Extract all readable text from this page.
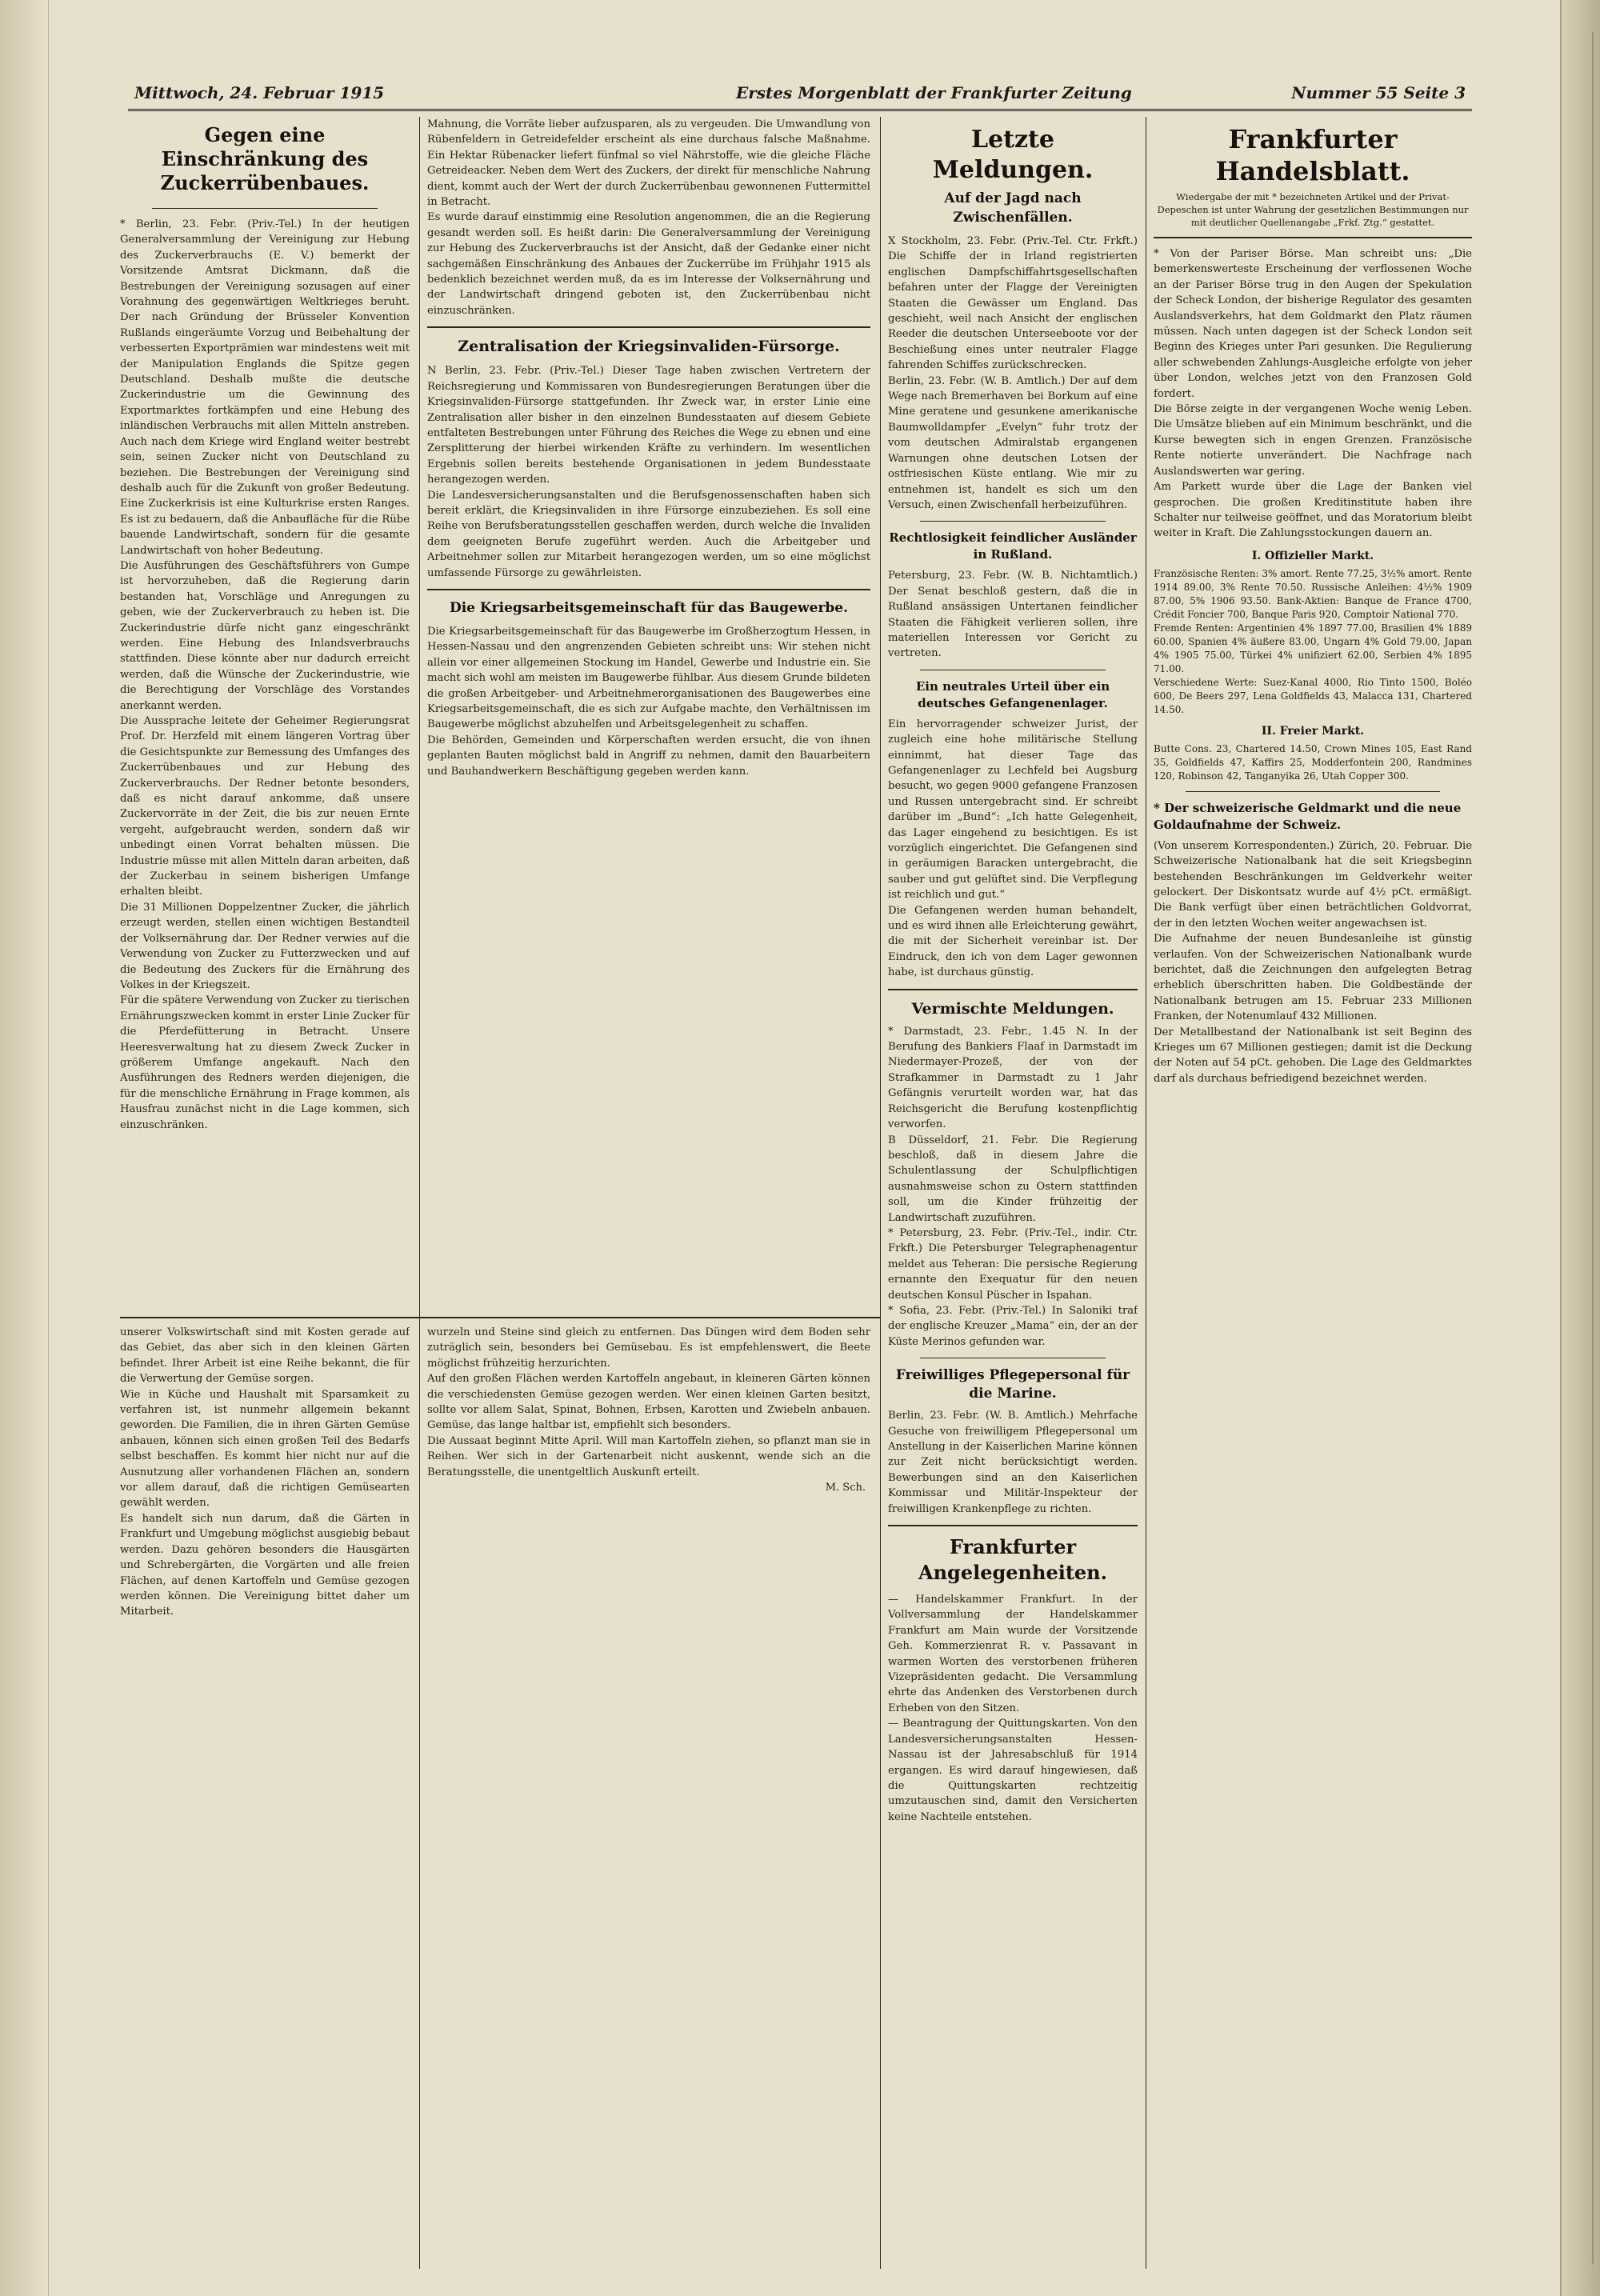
Mittwoch, 24. Februar 1915	Erstes Morgenblatt der Frankfurter Zeitung	Nummer 55 Seite 3
Gegen eine Einschränkung des Zuckerrübenbaues.

* Berlin, 23. Febr. (Priv.-Tel.) In der heutigen Generalversammlung der Vereinigung zur Hebung des Zuckerverbrauchs (E. V.) bemerkt der Vorsitzende Amtsrat Dickmann, daß die Bestrebungen der Vereinigung sozusagen auf einer Vorahnung des gegenwärtigen Weltkrieges beruht. Der nach Gründung der Brüsseler Konvention Rußlands eingeräumte Vorzug und Beibehaltung der verbesserten Exportprämien war mindestens weit mit der Manipulation Englands die Spitze gegen Deutschland. Deshalb mußte die deutsche Zuckerindustrie um die Gewinnung des Exportmarktes fortkämpfen und eine Hebung des inländischen Verbrauchs mit allen Mitteln anstreben. Auch nach dem Kriege wird England weiter bestrebt sein, seinen Zucker nicht von Deutschland zu beziehen. Die Bestrebungen der Vereinigung sind deshalb auch für die Zukunft von großer Bedeutung. Eine Zuckerkrisis ist eine Kulturkrise ersten Ranges. Es ist zu bedauern, daß die Anbaufläche für die Rübe bauende Landwirtschaft, sondern für die gesamte Landwirtschaft von hoher Bedeutung.

Die Ausführungen des Geschäftsführers von Gumpe ist hervorzuheben, daß die Regierung darin bestanden hat, Vorschläge und Anregungen zu geben, wie der Zuckerverbrauch zu heben ist. Die Zuckerindustrie dürfe nicht ganz eingeschränkt werden. Eine Hebung des Inlandsverbrauchs stattfinden. Diese könnte aber nur dadurch erreicht werden, daß die Wünsche der Zuckerindustrie, wie die Berechtigung der Vorschläge des Vorstandes anerkannt werden.

Die Aussprache leitete der Geheimer Regierungsrat Prof. Dr. Herzfeld mit einem längeren Vortrag über die Gesichtspunkte zur Bemessung des Umfanges des Zuckerrübenbaues und zur Hebung des Zuckerverbrauchs. Der Redner betonte besonders, daß es nicht darauf ankomme, daß unsere Zuckervorräte in der Zeit, die bis zur neuen Ernte vergeht, aufgebraucht werden, sondern daß wir unbedingt einen Vorrat behalten müssen. Die Industrie müsse mit allen Mitteln daran arbeiten, daß der Zuckerbau in seinem bisherigen Umfange erhalten bleibt.

Die 31 Millionen Doppelzentner Zucker, die jährlich erzeugt werden, stellen einen wichtigen Bestandteil der Volksernährung dar. Der Redner verwies auf die Verwendung von Zucker zu Futterzwecken und auf die Bedeutung des Zuckers für die Ernährung des Volkes in der Kriegszeit.

Für die spätere Verwendung von Zucker zu tierischen Ernährungszwecken kommt in erster Linie Zucker für die Pferdefütterung in Betracht. Unsere Heeresverwaltung hat zu diesem Zweck Zucker in größerem Umfange angekauft. Nach den Ausführungen des Redners werden diejenigen, die für die menschliche Ernährung in Frage kommen, als Hausfrau zunächst nicht in die Lage kommen, sich einzuschränken.

unserer Volkswirtschaft sind mit Kosten gerade auf das Gebiet, das aber sich in den kleinen Gärten befindet. Ihrer Arbeit ist eine Reihe bekannt, die für die Verwertung der Gemüse sorgen.

Wie in Küche und Haushalt mit Sparsamkeit zu verfahren ist, ist nunmehr allgemein bekannt geworden. Die Familien, die in ihren Gärten Gemüse anbauen, können sich einen großen Teil des Bedarfs selbst beschaffen. Es kommt hier nicht nur auf die Ausnutzung aller vorhandenen Flächen an, sondern vor allem darauf, daß die richtigen Gemüsearten gewählt werden.

Es handelt sich nun darum, daß die Gärten in Frankfurt und Umgebung möglichst ausgiebig bebaut werden. Dazu gehören besonders die Hausgärten und Schrebergärten, die Vorgärten und alle freien Flächen, auf denen Kartoffeln und Gemüse gezogen werden können. Die Vereinigung bittet daher um Mitarbeit.

Mahnung, die Vorräte lieber aufzusparen, als zu vergeuden. Die Umwandlung von Rübenfeldern in Getreidefelder erscheint als eine durchaus falsche Maßnahme. Ein Hektar Rübenacker liefert fünfmal so viel Nährstoffe, wie die gleiche Fläche Getreideacker. Neben dem Wert des Zuckers, der direkt für menschliche Nahrung dient, kommt auch der Wert der durch Zuckerrübenbau gewonnenen Futtermittel in Betracht.

Es wurde darauf einstimmig eine Resolution angenommen, die an die Regierung gesandt werden soll. Es heißt darin: Die Generalversammlung der Vereinigung zur Hebung des Zuckerverbrauchs ist der Ansicht, daß der Gedanke einer nicht sachgemäßen Einschränkung des Anbaues der Zuckerrübe im Frühjahr 1915 als bedenklich bezeichnet werden muß, da es im Interesse der Volksernährung und der Landwirtschaft dringend geboten ist, den Zuckerrübenbau nicht einzuschränken.

Zentralisation der Kriegsinvaliden-Fürsorge.

N Berlin, 23. Febr. (Priv.-Tel.) Dieser Tage haben zwischen Vertretern der Reichsregierung und Kommissaren von Bundesregierungen Beratungen über die Kriegsinvaliden-Fürsorge stattgefunden. Ihr Zweck war, in erster Linie eine Zentralisation aller bisher in den einzelnen Bundesstaaten auf diesem Gebiete entfalteten Bestrebungen unter Führung des Reiches die Wege zu ebnen und eine Zersplitterung der hierbei wirkenden Kräfte zu verhindern. Im wesentlichen Ergebnis sollen bereits bestehende Organisationen in jedem Bundesstaate herangezogen werden.

Die Landesversicherungsanstalten und die Berufsgenossenschaften haben sich bereit erklärt, die Kriegsinvaliden in ihre Fürsorge einzubeziehen. Es soll eine Reihe von Berufsberatungsstellen geschaffen werden, durch welche die Invaliden dem geeigneten Berufe zugeführt werden. Auch die Arbeitgeber und Arbeitnehmer sollen zur Mitarbeit herangezogen werden, um so eine möglichst umfassende Fürsorge zu gewährleisten.

Die Kriegsarbeitsgemeinschaft für das Baugewerbe.

Die Kriegsarbeitsgemeinschaft für das Baugewerbe im Großherzogtum Hessen, in Hessen-Nassau und den angrenzenden Gebieten schreibt uns: Wir stehen nicht allein vor einer allgemeinen Stockung im Handel, Gewerbe und Industrie ein. Sie macht sich wohl am meisten im Baugewerbe fühlbar. Aus diesem Grunde bildeten die großen Arbeitgeber- und Arbeitnehmerorganisationen des Baugewerbes eine Kriegsarbeitsgemeinschaft, die es sich zur Aufgabe machte, den Verhältnissen im Baugewerbe möglichst abzuhelfen und Arbeitsgelegenheit zu schaffen.

Die Behörden, Gemeinden und Körperschaften werden ersucht, die von ihnen geplanten Bauten möglichst bald in Angriff zu nehmen, damit den Bauarbeitern und Bauhandwerkern Beschäftigung gegeben werden kann.

wurzeln und Steine sind gleich zu entfernen. Das Düngen wird dem Boden sehr zuträglich sein, besonders bei Gemüsebau. Es ist empfehlenswert, die Beete möglichst frühzeitig herzurichten.

Auf den großen Flächen werden Kartoffeln angebaut, in kleineren Gärten können die verschiedensten Gemüse gezogen werden. Wer einen kleinen Garten besitzt, sollte vor allem Salat, Spinat, Bohnen, Erbsen, Karotten und Zwiebeln anbauen. Gemüse, das lange haltbar ist, empfiehlt sich besonders.

Die Aussaat beginnt Mitte April. Will man Kartoffeln ziehen, so pflanzt man sie in Reihen. Wer sich in der Gartenarbeit nicht auskennt, wende sich an die Beratungsstelle, die unentgeltlich Auskunft erteilt.

M. Sch.
Letzte Meldungen.
Auf der Jagd nach Zwischenfällen.

X Stockholm, 23. Febr. (Priv.-Tel. Ctr. Frkft.) Die Schiffe der in Irland registrierten englischen Dampfschiffahrtsgesellschaften befahren unter der Flagge der Vereinigten Staaten die Gewässer um England. Das geschieht, weil nach Ansicht der englischen Reeder die deutschen Unterseeboote vor der Beschießung eines unter neutraler Flagge fahrenden Schiffes zurückschrecken.

Berlin, 23. Febr. (W. B. Amtlich.) Der auf dem Wege nach Bremerhaven bei Borkum auf eine Mine geratene und gesunkene amerikanische Baumwolldampfer „Evelyn“ fuhr trotz der vom deutschen Admiralstab ergangenen Warnungen ohne deutschen Lotsen der ostfriesischen Küste entlang. Wie mir zu entnehmen ist, handelt es sich um den Versuch, einen Zwischenfall herbeizuführen.

Rechtlosigkeit feindlicher Ausländer in Rußland.

Petersburg, 23. Febr. (W. B. Nichtamtlich.) Der Senat beschloß gestern, daß die in Rußland ansässigen Untertanen feindlicher Staaten die Fähigkeit verlieren sollen, ihre materiellen Interessen vor Gericht zu vertreten.

Ein neutrales Urteil über ein deutsches Gefangenenlager.

Ein hervorragender schweizer Jurist, der zugleich eine hohe militärische Stellung einnimmt, hat dieser Tage das Gefangenenlager zu Lechfeld bei Augsburg besucht, wo gegen 9000 gefangene Franzosen und Russen untergebracht sind. Er schreibt darüber im „Bund“: „Ich hatte Gelegenheit, das Lager eingehend zu besichtigen. Es ist vorzüglich eingerichtet. Die Gefangenen sind in geräumigen Baracken untergebracht, die sauber und gut gelüftet sind. Die Verpflegung ist reichlich und gut.“

Die Gefangenen werden human behandelt, und es wird ihnen alle Erleichterung gewährt, die mit der Sicherheit vereinbar ist. Der Eindruck, den ich von dem Lager gewonnen habe, ist durchaus günstig.

Vermischte Meldungen.

* Darmstadt, 23. Febr., 1.45 N. In der Berufung des Bankiers Flaaf in Darmstadt im Niedermayer-Prozeß, der von der Strafkammer in Darmstadt zu 1 Jahr Gefängnis verurteilt worden war, hat das Reichsgericht die Berufung kostenpflichtig verworfen.

B Düsseldorf, 21. Febr. Die Regierung beschloß, daß in diesem Jahre die Schulentlassung der Schulpflichtigen ausnahmsweise schon zu Ostern stattfinden soll, um die Kinder frühzeitig der Landwirtschaft zuzuführen.

* Petersburg, 23. Febr. (Priv.-Tel., indir. Ctr. Frkft.) Die Petersburger Telegraphenagentur meldet aus Teheran: Die persische Regierung ernannte den Exequatur für den neuen deutschen Konsul Püscher in Ispahan.

* Sofia, 23. Febr. (Priv.-Tel.) In Saloniki traf der englische Kreuzer „Mama“ ein, der an der Küste Merinos gefunden war.

Freiwilliges Pflegepersonal für die Marine.

Berlin, 23. Febr. (W. B. Amtlich.) Mehrfache Gesuche von freiwilligem Pflegepersonal um Anstellung in der Kaiserlichen Marine können zur Zeit nicht berücksichtigt werden. Bewerbungen sind an den Kaiserlichen Kommissar und Militär-Inspekteur der freiwilligen Krankenpflege zu richten.

Frankfurter Angelegenheiten.

— Handelskammer Frankfurt. In der Vollversammlung der Handelskammer Frankfurt am Main wurde der Vorsitzende Geh. Kommerzienrat R. v. Passavant in warmen Worten des verstorbenen früheren Vizepräsidenten gedacht. Die Versammlung ehrte das Andenken des Verstorbenen durch Erheben von den Sitzen.

— Beantragung der Quittungskarten. Von den Landesversicherungsanstalten Hessen-Nassau ist der Jahresabschluß für 1914 ergangen. Es wird darauf hingewiesen, daß die Quittungskarten rechtzeitig umzutauschen sind, damit den Versicherten keine Nachteile entstehen.

Frankfurter Handelsblatt.
Wiedergabe der mit * bezeichneten Artikel und der Privat-Depeschen ist unter Wahrung der gesetzlichen Bestimmungen nur mit deutlicher Quellenangabe „Frkf. Ztg.“ gestattet.

* Von der Pariser Börse. Man schreibt uns: „Die bemerkenswerteste Erscheinung der verflossenen Woche an der Pariser Börse trug in den Augen der Spekulation der Scheck London, der bisherige Regulator des gesamten Auslandsverkehrs, hat dem Goldmarkt den Platz räumen müssen. Nach unten dagegen ist der Scheck London seit Beginn des Krieges unter Pari gesunken. Die Regulierung aller schwebenden Zahlungs-Ausgleiche erfolgte von jeher über London, welches jetzt von den Franzosen Gold fordert.

Die Börse zeigte in der vergangenen Woche wenig Leben. Die Umsätze blieben auf ein Minimum beschränkt, und die Kurse bewegten sich in engen Grenzen. Französische Rente notierte unverändert. Die Nachfrage nach Auslandswerten war gering.

Am Parkett wurde über die Lage der Banken viel gesprochen. Die großen Kreditinstitute haben ihre Schalter nur teilweise geöffnet, und das Moratorium bleibt weiter in Kraft. Die Zahlungsstockungen dauern an.

I. Offizieller Markt.

Französische Renten: 3% amort. Rente 77.25, 3½% amort. Rente 1914 89.00, 3% Rente 70.50. Russische Anleihen: 4½% 1909 87.00, 5% 1906 93.50. Bank-Aktien: Banque de France 4700, Crédit Foncier 700, Banque Paris 920, Comptoir National 770.

Fremde Renten: Argentinien 4% 1897 77.00, Brasilien 4% 1889 60.00, Spanien 4% äußere 83.00, Ungarn 4% Gold 79.00, Japan 4% 1905 75.00, Türkei 4% unifiziert 62.00, Serbien 4% 1895 71.00.

Verschiedene Werte: Suez-Kanal 4000, Rio Tinto 1500, Boléo 600, De Beers 297, Lena Goldfields 43, Malacca 131, Chartered 14.50.

II. Freier Markt.

Butte Cons. 23, Chartered 14.50, Crown Mines 105, East Rand 35, Goldfields 47, Kaffirs 25, Modderfontein 200, Randmines 120, Robinson 42, Tanganyika 26, Utah Copper 300.

* Der schweizerische Geldmarkt und die neue Goldaufnahme der Schweiz.

(Von unserem Korrespondenten.) Zürich, 20. Februar. Die Schweizerische Nationalbank hat die seit Kriegsbeginn bestehenden Beschränkungen im Geldverkehr weiter gelockert. Der Diskontsatz wurde auf 4½ pCt. ermäßigt. Die Bank verfügt über einen beträchtlichen Goldvorrat, der in den letzten Wochen weiter angewachsen ist.

Die Aufnahme der neuen Bundesanleihe ist günstig verlaufen. Von der Schweizerischen Nationalbank wurde berichtet, daß die Zeichnungen den aufgelegten Betrag erheblich überschritten haben. Die Goldbestände der Nationalbank betrugen am 15. Februar 233 Millionen Franken, der Notenumlauf 432 Millionen.

Der Metallbestand der Nationalbank ist seit Beginn des Krieges um 67 Millionen gestiegen; damit ist die Deckung der Noten auf 54 pCt. gehoben. Die Lage des Geldmarktes darf als durchaus befriedigend bezeichnet werden.
